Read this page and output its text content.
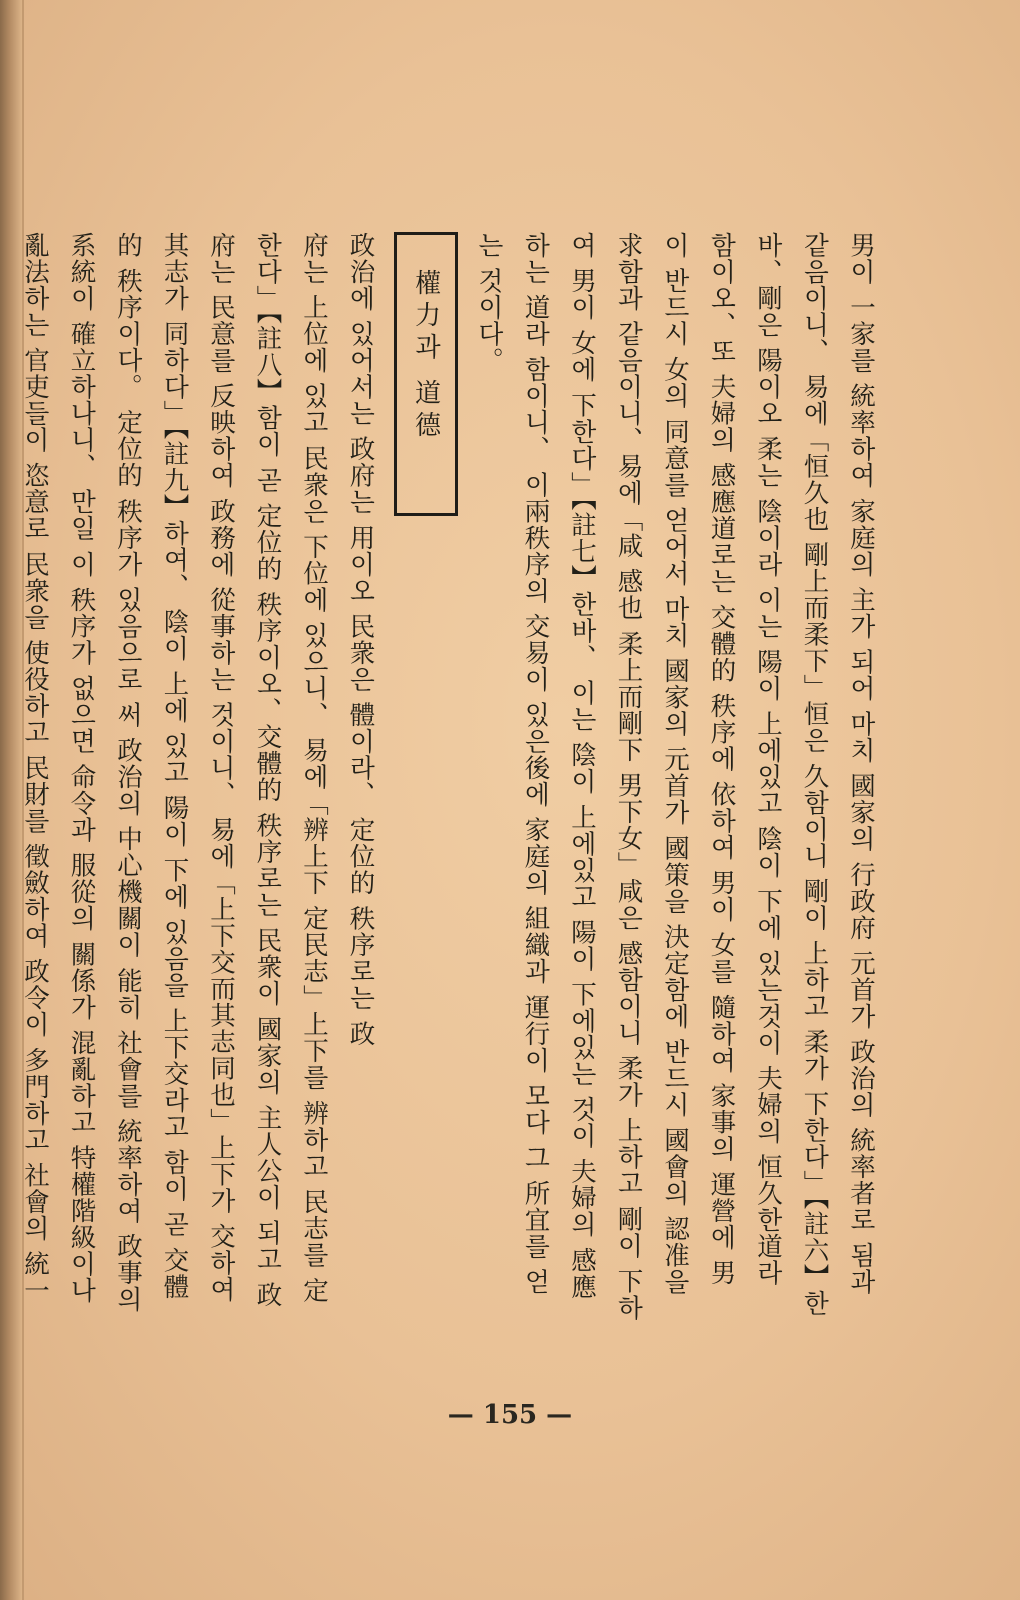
男이 一家를 統率하여 家庭의 主가 되어 마치 國家의 行政府 元首가 政治의 統率者로 됨과
같음이니、 易에「恒久也 剛上而柔下」恒은 久함이니 剛이 上하고 柔가 下한다」【註六】한
바、剛은 陽이오 柔는 陰이라 이는 陽이 上에있고 陰이 下에 있는것이 夫婦의 恒久한道라
함이오、또 夫婦의 感應道로는 交體的 秩序에 依하여 男이 女를 隨하여 家事의 運營에 男
이 반드시 女의 同意를 얻어서 마치 國家의 元首가 國策을 決定함에 반드시 國會의 認准을
求함과 같음이니、易에「咸 感也 柔上而剛下 男下女」咸은 感함이니 柔가 上하고 剛이 下하
여 男이 女에 下한다」【註七】한바、 이는 陰이 上에있고 陽이 下에있는 것이 夫婦의 感應
하는 道라 함이니、 이兩秩序의 交易이 있은後에 家庭의 組織과 運行이 모다 그 所宜를 얻
는 것이다。
權力과 道德
政治에 있어서는 政府는 用이오 民衆은 體이라、 定位的 秩序로는 政
府는 上位에 있고 民衆은 下位에 있으니、 易에「辨上下 定民志」上下를 辨하고 民志를 定
한다」【註八】함이 곧 定位的 秩序이오、交體的 秩序로는 民衆이 國家의 主人公이 되고 政
府는 民意를 反映하여 政務에 從事하는 것이니、 易에「上下交而其志同也」上下가 交하여
其志가 同하다」【註九】하여、 陰이 上에 있고 陽이 下에 있음을 上下交라고 함이 곧 交體
的 秩序이다。 定位的 秩序가 있음으로 써 政治의 中心機關이 能히 社會를 統率하여 政事의
系統이 確立하나니、 만일 이 秩序가 없으면 命令과 服從의 關係가 混亂하고 特權階級이나
亂法하는 官吏들이 恣意로 民衆을 使役하고 民財를 徵斂하여 政令이 多門하고 社會의 統一
— 155 —
